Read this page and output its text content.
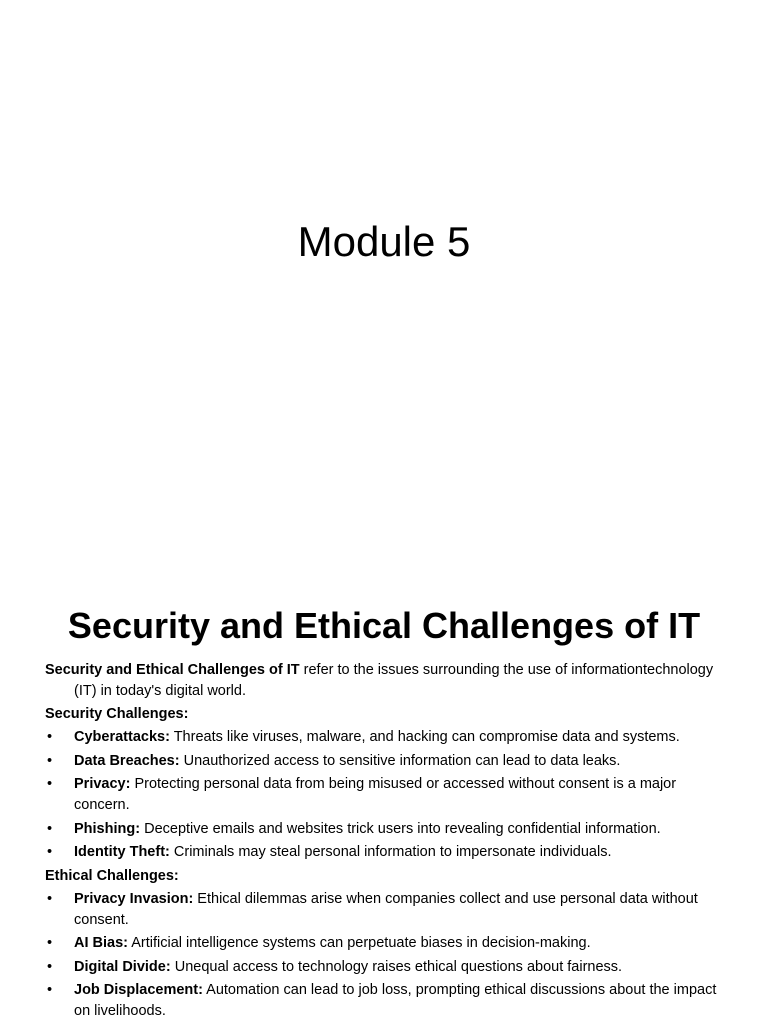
Module 5
Security and Ethical Challenges of IT

Security and Ethical Challenges of IT refer to the issues surrounding the use of informationtechnology (IT) in today's digital world.

Security Challenges:

• Cyberattacks: Threats like viruses, malware, and hacking can compromise data and systems.
• Data Breaches: Unauthorized access to sensitive information can lead to data leaks.
• Privacy: Protecting personal data from being misused or accessed without consent is a major concern.
• Phishing: Deceptive emails and websites trick users into revealing confidential information.
• Identity Theft: Criminals may steal personal information to impersonate individuals.

Ethical Challenges:

• Privacy Invasion: Ethical dilemmas arise when companies collect and use personal data without consent.
• AI Bias: Artificial intelligence systems can perpetuate biases in decision-making.
• Digital Divide: Unequal access to technology raises ethical questions about fairness.
• Job Displacement: Automation can lead to job loss, prompting ethical discussions about the impact on livelihoods.
